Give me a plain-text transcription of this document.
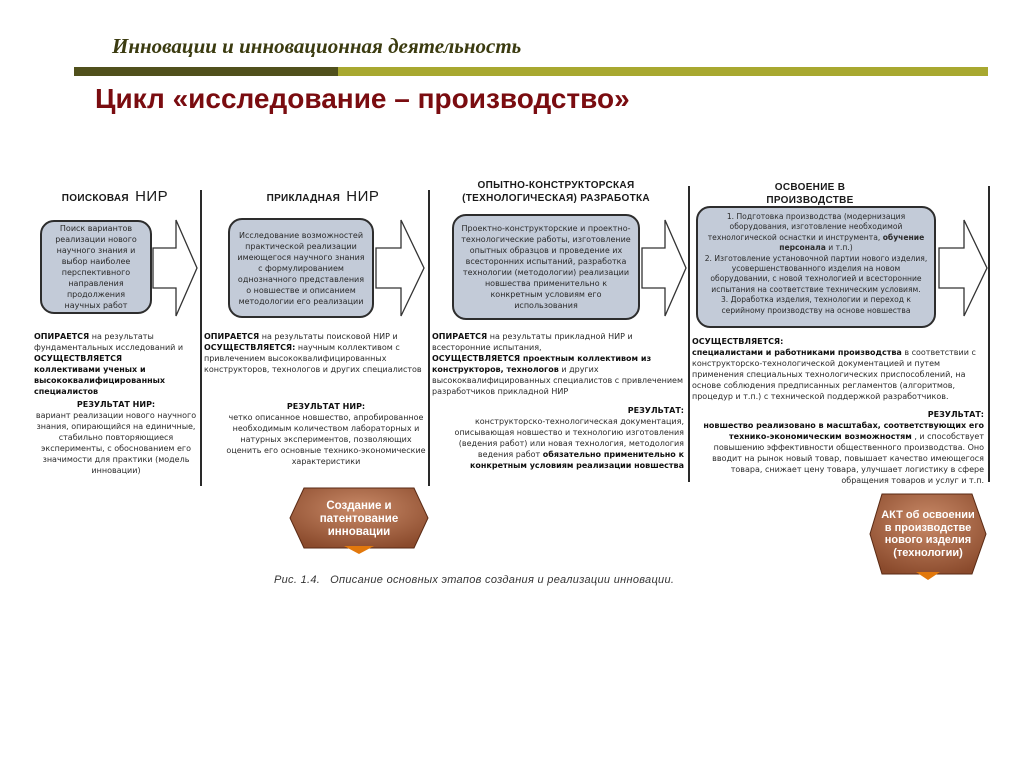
Инновации и инновационная деятельность
Цикл «исследование – производство»
ПОИСКОВАЯ НИР
Поиск вариантов реализации нового научного знания и выбор наиболее перспективного направления продолжения научных работ
ОПИРАЕТСЯ на результаты фундаментальных исследований и
ОСУЩЕСТВЛЯЕТСЯ
коллективами ученых и высококвалифицированных специалистов
РЕЗУЛЬТАТ НИР:
вариант реализации нового научного знания, опирающийся на единичные, стабильно повторяющиеся эксперименты, с обоснованием его значимости для практики (модель инновации)
ПРИКЛАДНАЯ НИР
Исследование возможностей практической реализации имеющегося научного знания с формулированием однозначного представления о новшестве и описанием методологии его реализации
ОПИРАЕТСЯ на результаты поисковой НИР и
ОСУЩЕСТВЛЯЕТСЯ: научным коллективом с привлечением высококвалифицированных конструкторов, технологов и других специалистов
РЕЗУЛЬТАТ НИР:
четко описанное новшество, апробированное необходимым количеством лабораторных и натурных экспериментов, позволяющих оценить его основные технико-экономические характеристики
ОПЫТНО-КОНСТРУКТОРСКАЯ
(ТЕХНОЛОГИЧЕСКАЯ) РАЗРАБОТКА
Проектно-конструкторские и проектно-технологические работы, изготовление опытных образцов и проведение их всесторонних испытаний, разработка технологии (методологии) реализации новшества применительно к конкретным условиям его использования
ОПИРАЕТСЯ на результаты прикладной НИР и всесторонние испытания,
ОСУЩЕСТВЛЯЕТСЯ проектным коллективом из конструкторов, технологов и других высококвалифицированных специалистов с привлечением разработчиков прикладной НИР
РЕЗУЛЬТАТ:
конструкторско-технологическая документация, описывающая новшество и технологию изготовления (ведения работ) или новая технология, методология ведения работ обязательно применительно к конкретным условиям реализации новшества
ОСВОЕНИЕ В
ПРОИЗВОДСТВЕ
1. Подготовка производства (модернизация оборудования, изготовление необходимой технологической оснастки и инструмента, обучение персонала и т.п.)
2. Изготовление установочной партии нового изделия, усовершенствованного изделия на новом оборудовании, с новой технологией и всесторонние испытания на соответствие техническим условиям.
3. Доработка изделия, технологии и переход к серийному производству на основе новшества
ОСУЩЕСТВЛЯЕТСЯ:
специалистами и работниками производства в соответствии с конструкторско-технологической документацией и путем применения специальных технологических приспособлений, на основе соблюдения предписанных регламентов (алгоритмов, процедур и т.п.) с технической поддержкой разработчиков.
РЕЗУЛЬТАТ:
новшество реализовано в масштабах, соответствующих его технико-экономическим возможностям , и способствует повышению эффективности общественного производства. Оно вводит на рынок новый товар, повышает качество имеющегося товара, снижает цену товара, улучшает логистику в сфере обращения товаров и услуг и т.п.
Создание и патентование инновации
АКТ об освоении в производстве нового изделия (технологии)
Рис. 1.4.   Описание основных этапов создания и реализации инновации.
